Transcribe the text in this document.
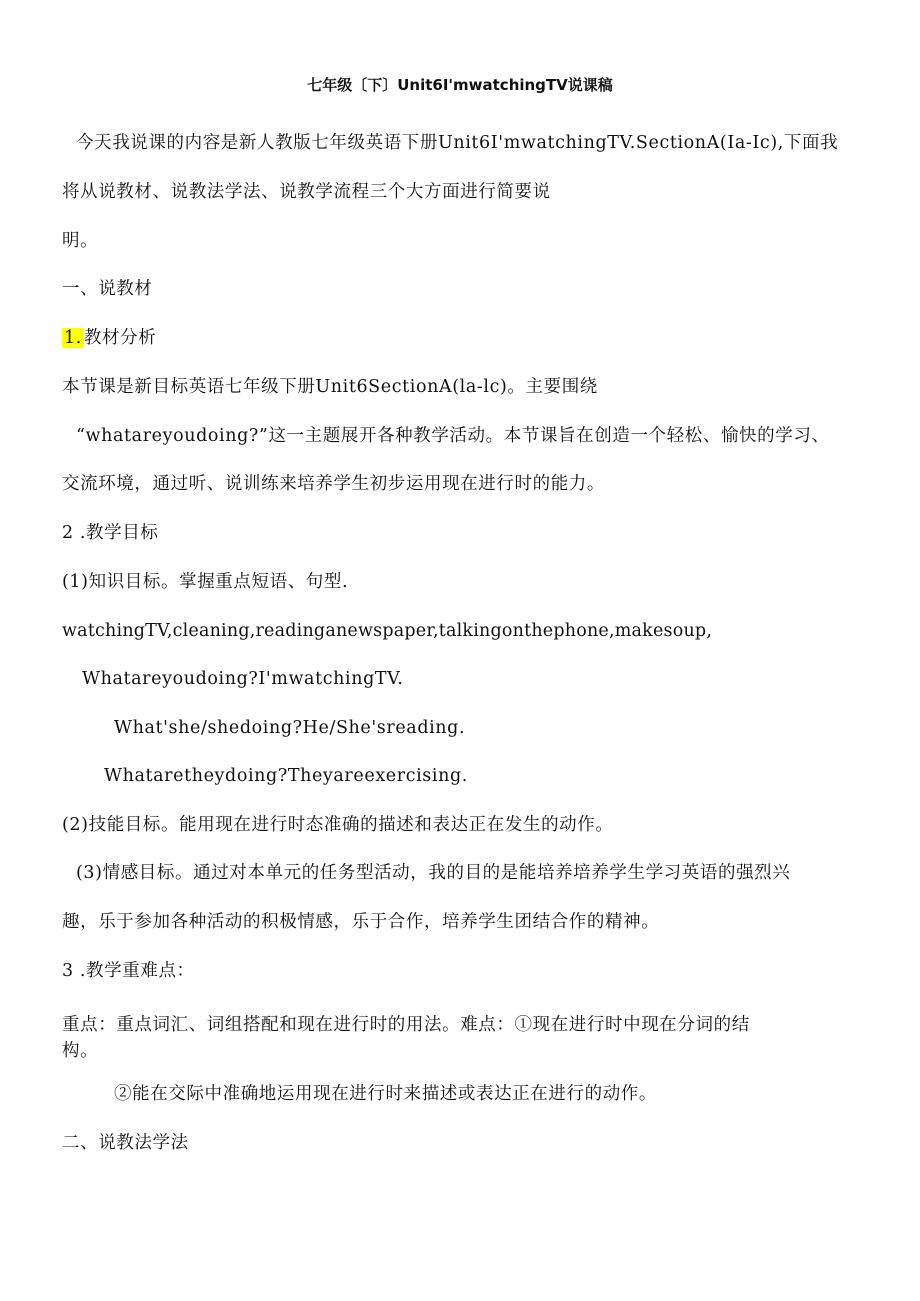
七年级〔下〕Unit6I'mwatchingTV说课稿
今天我说课的内容是新人教版七年级英语下册Unit6I'mwatchingTV.SectionA(Ia-Ic),下面我
将从说教材、说教法学法、说教学流程三个大方面进行简要说
明。
一、说教材
1. 教材分析
本节课是新目标英语七年级下册Unit6SectionA(la-lc)。主要围绕
“whatareyoudoing?”这一主题展开各种教学活动。本节课旨在创造一个轻松、愉快的学习、
交流环境，通过听、说训练来培养学生初步运用现在进行时的能力。
2 .教学目标
(1)知识目标。掌握重点短语、句型.
watchingTV,cleaning,readinganewspaper,talkingonthephone,makesoup,
Whatareyoudoing?I'mwatchingTV.
What'she/shedoing?He/She'sreading.
Whataretheydoing?Theyareexercising.
(2)技能目标。能用现在进行时态准确的描述和表达正在发生的动作。
(3)情感目标。通过对本单元的任务型活动，我的目的是能培养培养学生学习英语的强烈兴
趣，乐于参加各种活动的积极情感，乐于合作，培养学生团结合作的精神。
3 .教学重难点：
重点：重点词汇、词组搭配和现在进行时的用法。难点：①现在进行时中现在分词的结
构。
②能在交际中准确地运用现在进行时来描述或表达正在进行的动作。
二、说教法学法
